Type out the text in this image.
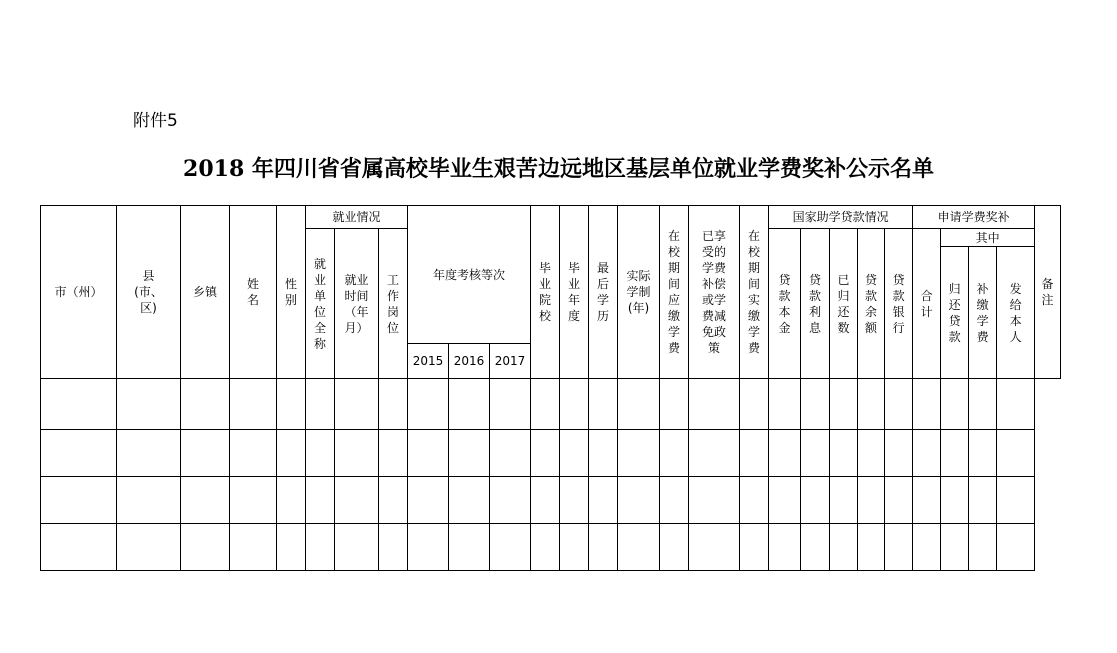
附件5
2018 年四川省省属高校毕业生艰苦边远地区基层单位就业学费奖补公示名单
市（州）	县(市、区)	乡镇	姓名	性别	就业情况			年度考核等次			毕业院校	毕业年度	最后学历	实际学制(年)	在校期间应缴学费	已享受的学费补偿或学费减免政策	在校期间实缴学费	国家助学贷款情况					申请学费奖补				备注
					就业单位全称	就业时间（年月）	工作岗位											贷款本金	贷款利息	已归还数	贷款余额	贷款银行	合计	其中			
																								归还贷款	补缴学费	发给本人	
								2015	2016	2017																	
